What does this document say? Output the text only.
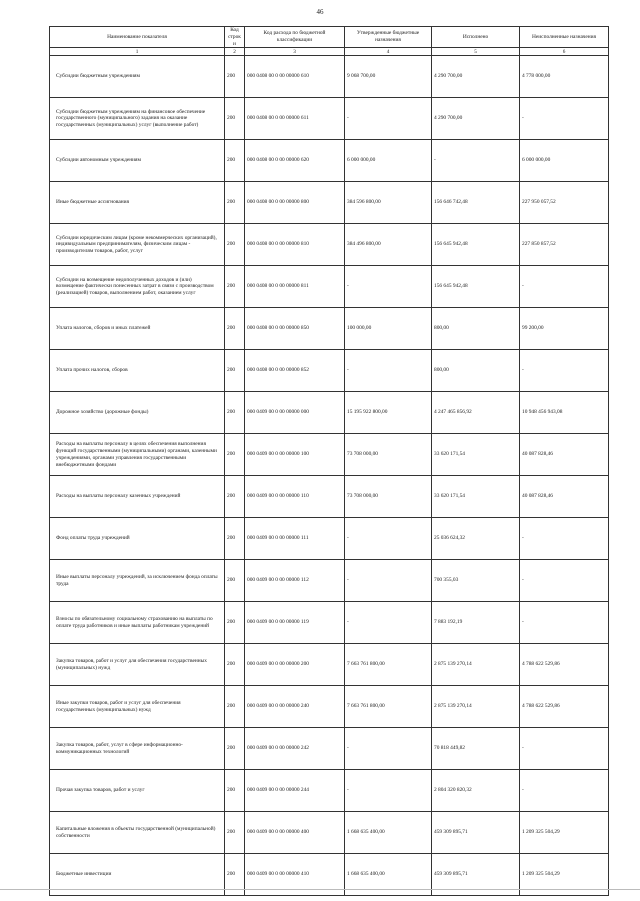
46
Наименование показателя	Код строки	Код расхода по бюджетной классификации	Утвержденные бюджетные назначения	Исполнено	Неисполненные назначения
1	2	3	4	5	6
Субсидии бюджетным учреждениям	200	000 0408 00 0 00 00000 610	9 068 700,00	4 290 700,00	4 778 000,00
Субсидии бюджетным учреждениям на финансовое обеспечение государственного (муниципального) задания на оказание государственных (муниципальных) услуг (выполнение работ)	200	000 0408 00 0 00 00000 611	-	4 290 700,00	-
Субсидии автономным учреждениям	200	000 0408 00 0 00 00000 620	6 000 000,00	-	6 000 000,00
Иные бюджетные ассигнования	200	000 0408 00 0 00 00000 800	384 596 800,00	156 646 742,48	227 950 057,52
Субсидии юридическим лицам (кроме некоммерческих организаций), индивидуальным предпринимателям, физическим лицам - производителям товаров, работ, услуг	200	000 0408 00 0 00 00000 810	384 496 800,00	156 645 942,48	227 850 857,52
Субсидии на возмещение недополученных доходов и (или) возмещение фактически понесенных затрат в связи с производством (реализацией) товаров, выполнением работ, оказанием услуг	200	000 0408 00 0 00 00000 811	-	156 645 942,48	-
Уплата налогов, сборов и иных платежей	200	000 0408 00 0 00 00000 850	100 000,00	800,00	99 200,00
Уплата прочих налогов, сборов	200	000 0408 00 0 00 00000 852	-	800,00	-
Дорожное хозяйство (дорожные фонды)	200	000 0409 00 0 00 00000 000	15 195 922 800,00	4 247 465 856,92	10 948 456 943,08
Расходы на выплаты персоналу в целях обеспечения выполнения функций государственными (муниципальными) органами, казенными учреждениями, органами управления государственными внебюджетными фондами	200	000 0409 00 0 00 00000 100	73 708 000,00	33 620 171,54	40 087 828,46
Расходы на выплаты персоналу казенных учреждений	200	000 0409 00 0 00 00000 110	73 708 000,00	33 620 171,54	40 087 828,46
Фонд оплаты труда учреждений	200	000 0409 00 0 00 00000 111	-	25 036 624,32	-
Иные выплаты персоналу учреждений, за исключением фонда оплаты труда	200	000 0409 00 0 00 00000 112	-	700 355,03	-
Взносы по обязательному социальному страхованию на выплаты по оплате труда работников и иные выплаты работникам учреждений	200	000 0409 00 0 00 00000 119	-	7 883 192,19	-
Закупка товаров, работ и услуг для обеспечения государственных (муниципальных) нужд	200	000 0409 00 0 00 00000 200	7 663 761 800,00	2 875 139 270,14	4 788 622 529,86
Иные закупки товаров, работ и услуг для обеспечения государственных (муниципальных) нужд	200	000 0409 00 0 00 00000 240	7 663 761 800,00	2 875 139 270,14	4 788 622 529,86
Закупка товаров, работ, услуг в сфере информационно-коммуникационных технологий	200	000 0409 00 0 00 00000 242	-	70 818 449,82	-
Прочая закупка товаров, работ и услуг	200	000 0409 00 0 00 00000 244	-	2 804 320 820,32	-
Капитальные вложения в объекты государственной (муниципальной) собственности	200	000 0409 00 0 00 00000 400	1 668 635 400,00	459 309 895,71	1 209 325 504,29
Бюджетные инвестиции	200	000 0409 00 0 00 00000 410	1 668 635 400,00	459 309 895,71	1 209 325 504,29
